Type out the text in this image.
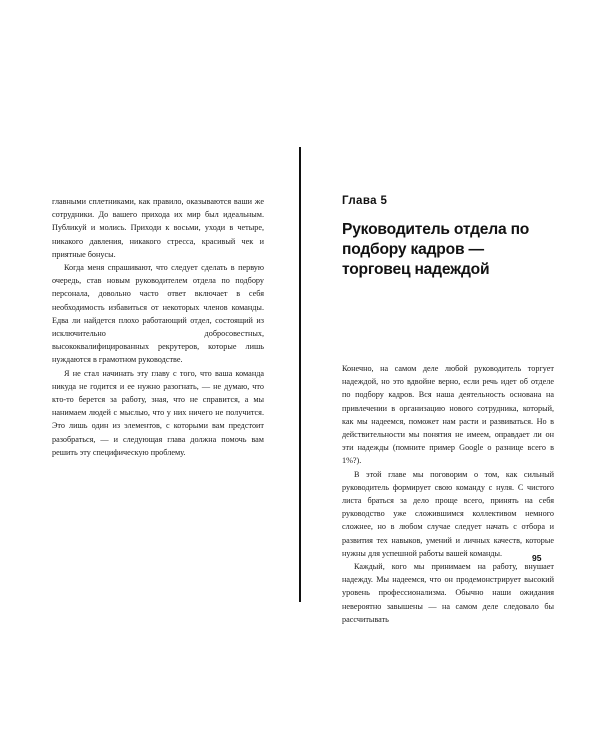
главными сплетниками, как правило, оказываются ваши же сотрудники. До вашего прихода их мир был идеальным. Публикуй и молись. Приходи к восьми, уходи в четыре, никакого давления, никакого стресса, красивый чек и приятные бонусы.

Когда меня спрашивают, что следует сделать в первую очередь, став новым руководителем отдела по подбору персонала, довольно часто ответ включает в себя необходимость избавиться от некоторых членов команды. Едва ли найдется плохо работающий отдел, состоящий из исключительно добросовестных, высококвалифицированных рекрутеров, которые лишь нуждаются в грамотном руководстве.

Я не стал начинать эту главу с того, что ваша команда никуда не годится и ее нужно разогнать, — не думаю, что кто-то берется за работу, зная, что не справится, а мы нанимаем людей с мыслью, что у них ничего не получится. Это лишь один из элементов, с которыми вам предстоит разобраться, — и следующая глава должна помочь вам решить эту специфическую проблему.

Глава 5
Руководитель отдела по подбору кадров — торговец надеждой

Конечно, на самом деле любой руководитель торгует надеждой, но это вдвойне верно, если речь идет об отделе по подбору кадров. Вся наша деятельность основана на привлечении в организацию нового сотрудника, который, как мы надеемся, поможет нам расти и развиваться. Но в действительности мы понятия не имеем, оправдает ли он эти надежды (помните пример Google о разнице всего в 1%?).

В этой главе мы поговорим о том, как сильный руководитель формирует свою команду с нуля. С чистого листа браться за дело проще всего, принять на себя руководство уже сложившимся коллективом немного сложнее, но в любом случае следует начать с отбора и развития тех навыков, умений и личных качеств, которые нужны для успешной работы вашей команды.

Каждый, кого мы принимаем на работу, внушает надежду. Мы надеемся, что он продемонстрирует высокий уровень профессионализма. Обычно наши ожидания невероятно завышены — на самом деле следовало бы рассчитывать

95
